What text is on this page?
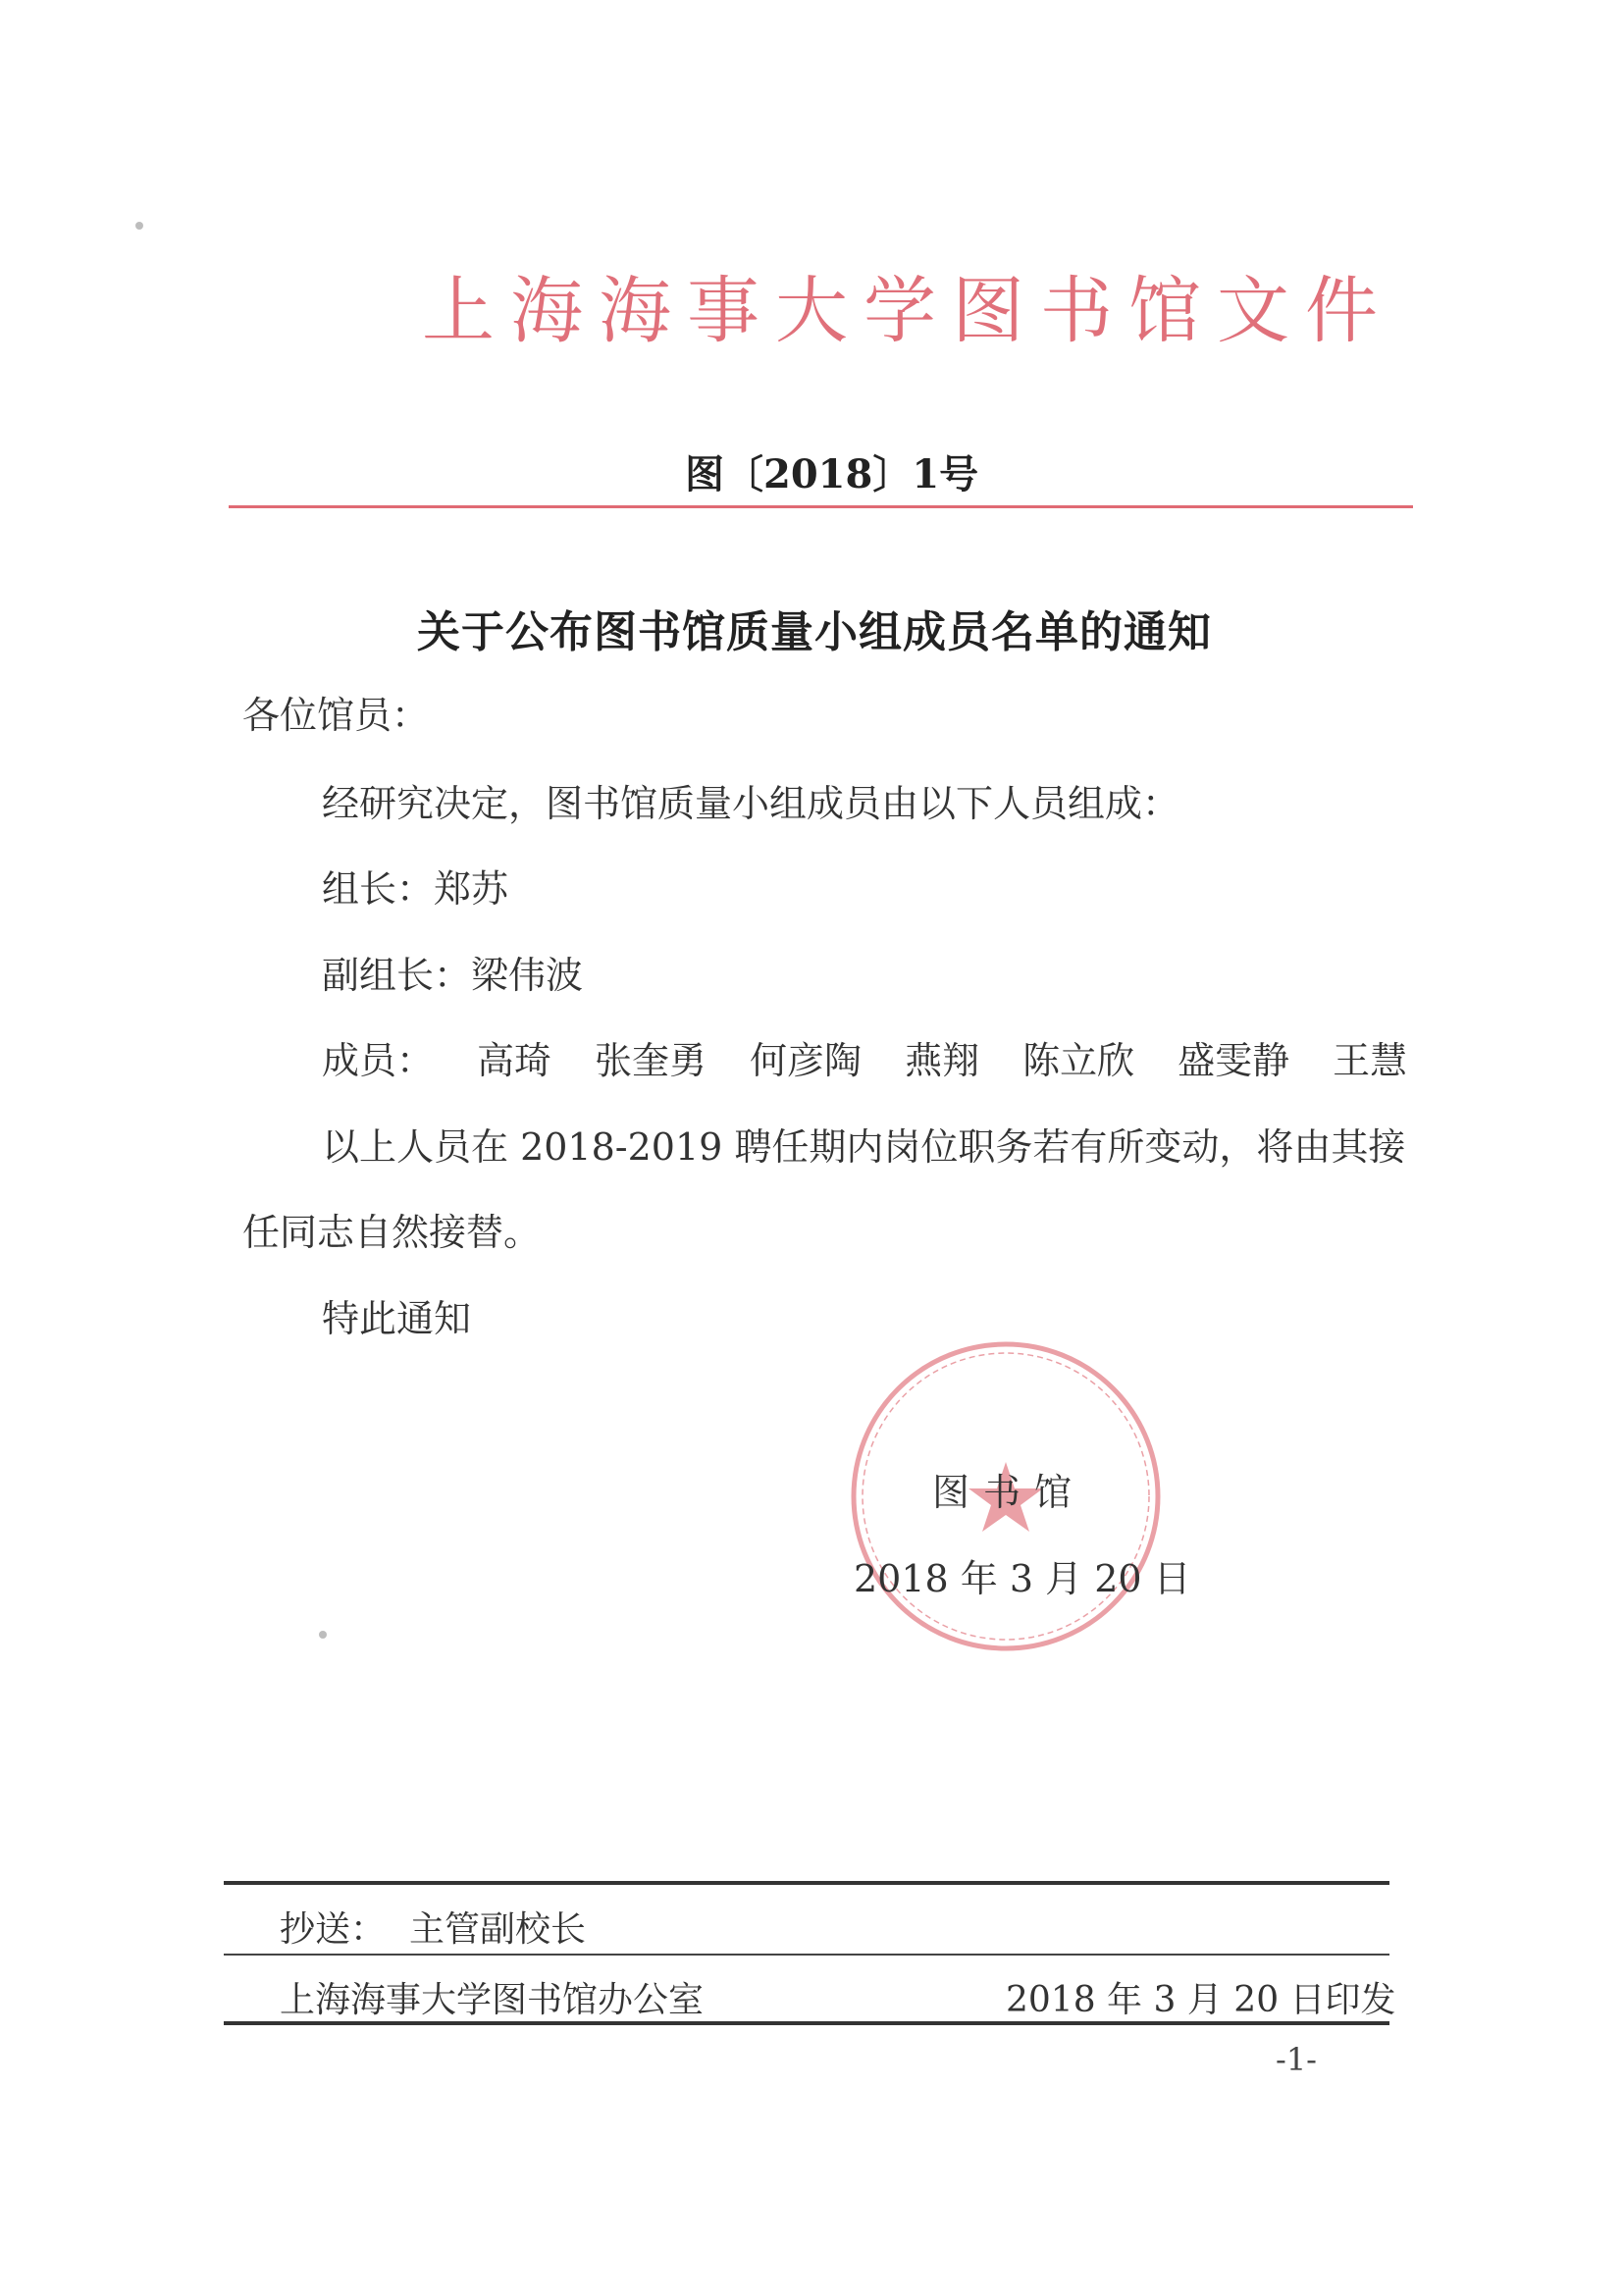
上海海事大学图书馆文件
图〔2018〕1号
关于公布图书馆质量小组成员名单的通知
各位馆员：
经研究决定，图书馆质量小组成员由以下人员组成：
组长：郑苏
副组长：梁伟波
成员： 高琦 张奎勇 何彦陶 燕翔 陈立欣 盛雯静 王慧
以上人员在 2018-2019 聘任期内岗位职务若有所变动，将由其接
任同志自然接替。
特此通知
图书馆
2018 年 3 月 20 日
抄送： 主管副校长
上海海事大学图书馆办公室	2018 年 3 月 20 日印发
-1-
